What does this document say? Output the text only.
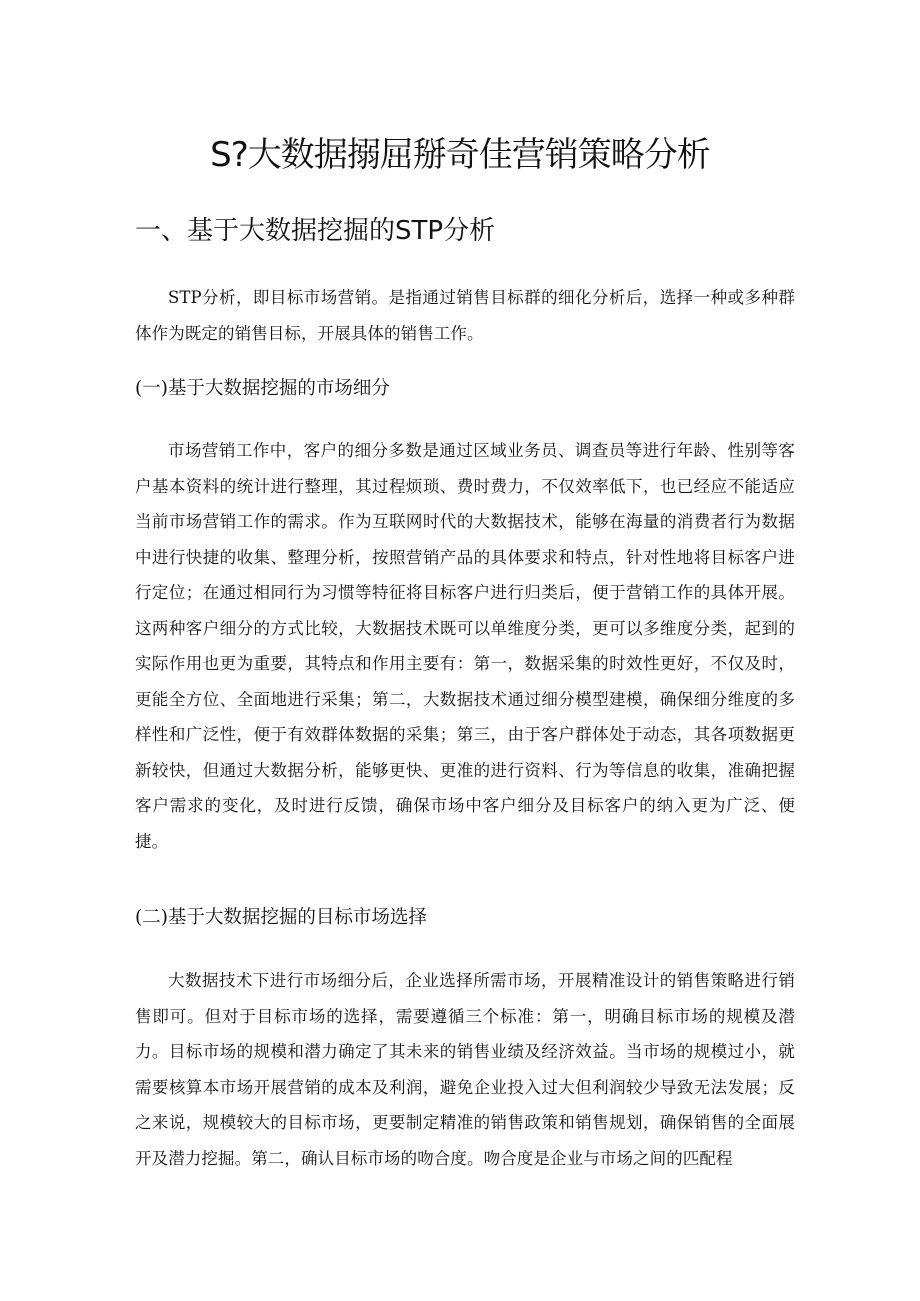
S?大数据搦屈掰奇佳营销策略分析
一、基于大数据挖掘的STP分析

STP分析，即目标市场营销。是指通过销售目标群的细化分析后，选择一种或多种群体作为既定的销售目标，开展具体的销售工作。

(一)基于大数据挖掘的市场细分

市场营销工作中，客户的细分多数是通过区域业务员、调查员等进行年龄、性别等客户基本资料的统计进行整理，其过程烦琐、费时费力，不仅效率低下，也已经应不能适应当前市场营销工作的需求。作为互联网时代的大数据技术，能够在海量的消费者行为数据中进行快捷的收集、整理分析，按照营销产品的具体要求和特点，针对性地将目标客户进行定位；在通过相同行为习惯等特征将目标客户进行归类后，便于营销工作的具体开展。这两种客户细分的方式比较，大数据技术既可以单维度分类，更可以多维度分类，起到的实际作用也更为重要，其特点和作用主要有：第一，数据采集的时效性更好，不仅及时，更能全方位、全面地进行采集；第二，大数据技术通过细分模型建模，确保细分维度的多样性和广泛性，便于有效群体数据的采集；第三，由于客户群体处于动态，其各项数据更新较快，但通过大数据分析，能够更快、更准的进行资料、行为等信息的收集，准确把握客户需求的变化，及时进行反馈，确保市场中客户细分及目标客户的纳入更为广泛、便捷。

(二)基于大数据挖掘的目标市场选择

大数据技术下进行市场细分后，企业选择所需市场，开展精准设计的销售策略进行销售即可。但对于目标市场的选择，需要遵循三个标准：第一，明确目标市场的规模及潜力。目标市场的规模和潜力确定了其未来的销售业绩及经济效益。当市场的规模过小，就需要核算本市场开展营销的成本及利润，避免企业投入过大但利润较少导致无法发展；反之来说，规模较大的目标市场，更要制定精准的销售政策和销售规划，确保销售的全面展开及潜力挖掘。第二，确认目标市场的吻合度。吻合度是企业与市场之间的匹配程
